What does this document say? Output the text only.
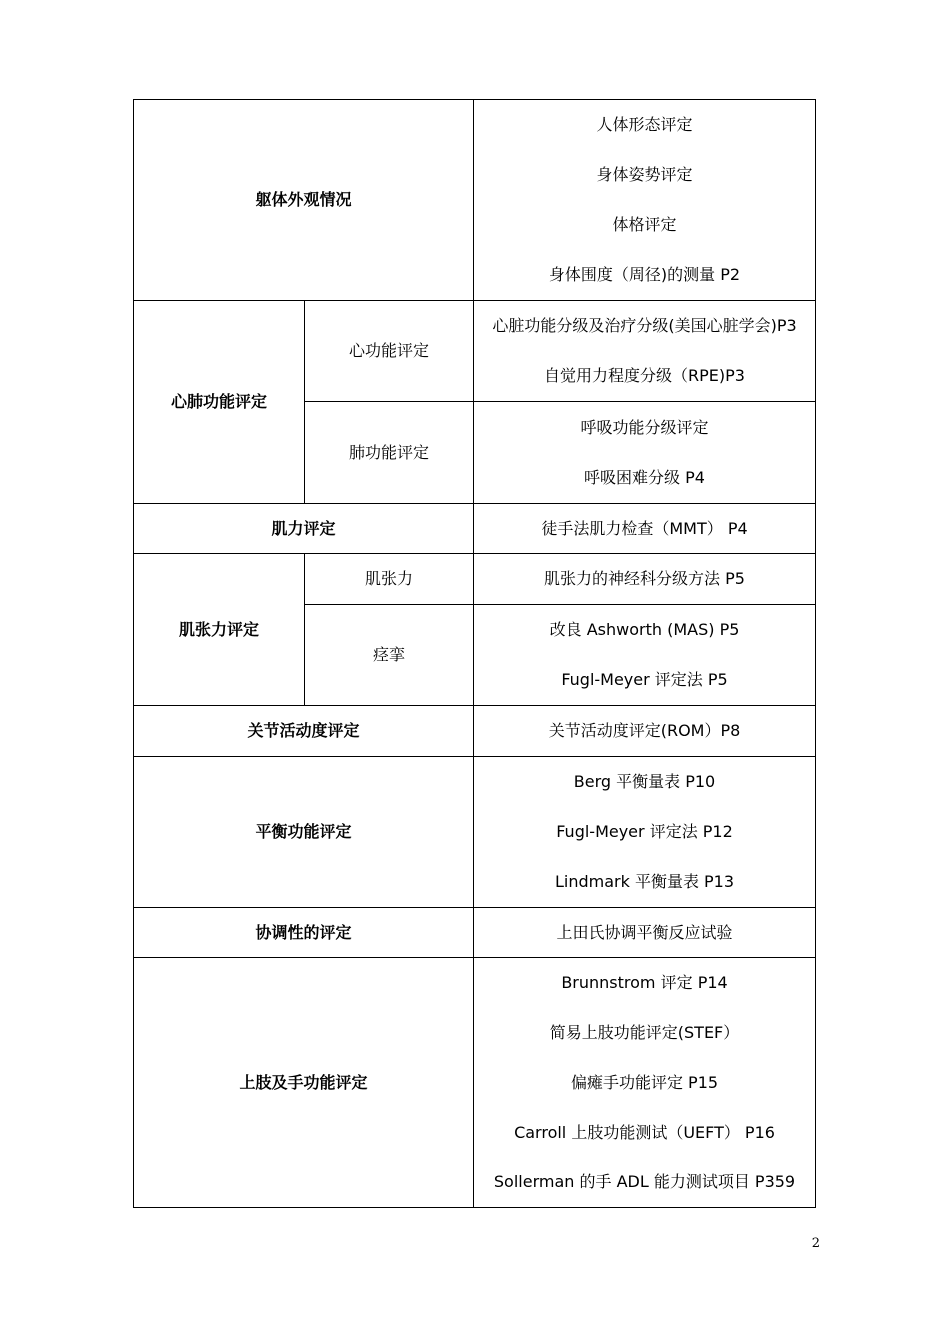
躯体外观情况		人体形态评定
身体姿势评定
体格评定
身体围度（周径)的测量 P2

心肺功能评定	心功能评定	心脏功能分级及治疗分级(美国心脏学会)P3
自觉用力程度分级（RPE)P3

	肺功能评定	呼吸功能分级评定
呼吸困难分级 P4

肌力评定		徒手法肌力检查（MMT） P4

肌张力评定	肌张力	肌张力的神经科分级方法 P5

	痉挛	改良 Ashworth (MAS) P5
Fugl-Meyer 评定法 P5

关节活动度评定		关节活动度评定(ROM）P8

平衡功能评定		Berg 平衡量表 P10
Fugl-Meyer 评定法 P12
Lindmark 平衡量表 P13

协调性的评定		上田氏协调平衡反应试验

上肢及手功能评定		Brunnstrom 评定 P14
简易上肢功能评定(STEF）
偏瘫手功能评定 P15
Carroll 上肢功能测试（UEFT） P16
Sollerman 的手 ADL 能力测试项目 P359
2
